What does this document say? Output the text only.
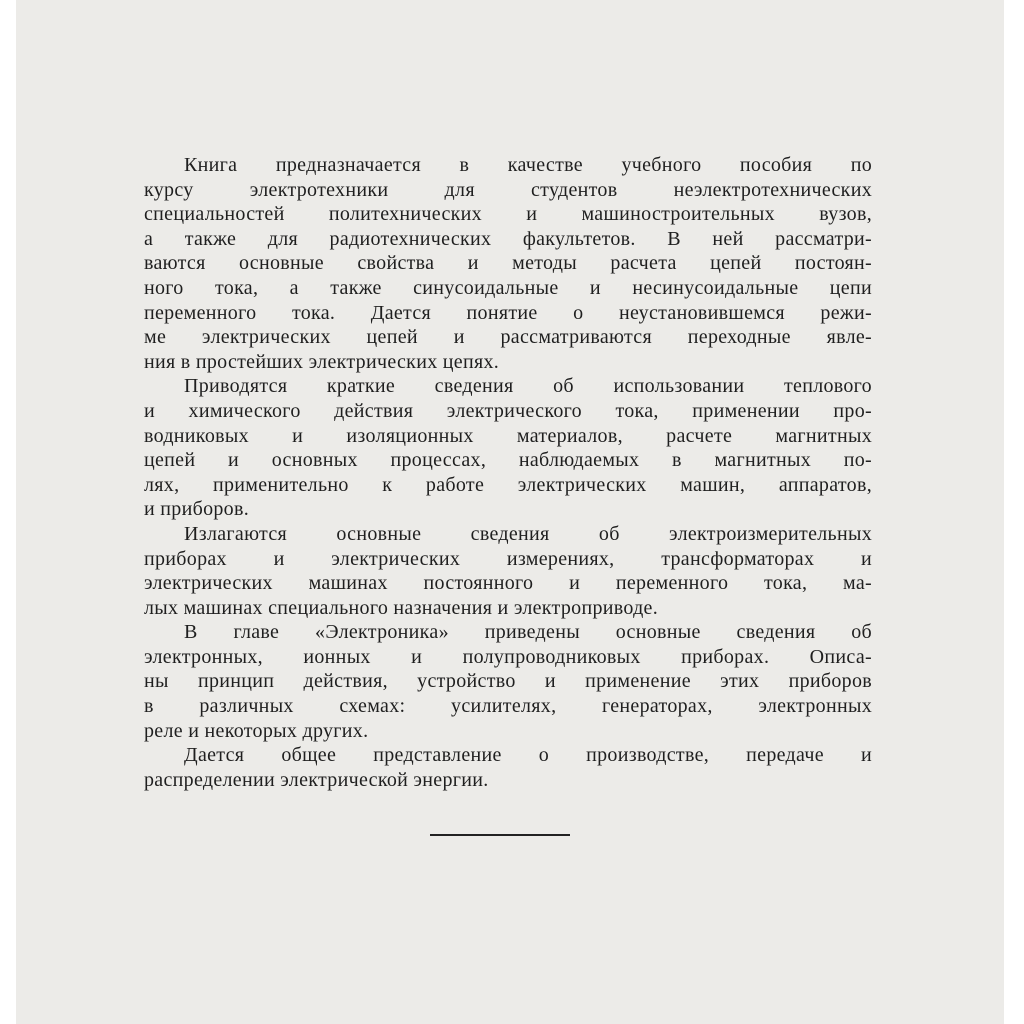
Книга предназначается в качестве учебного пособия по
курсу электротехники для студентов неэлектротехнических
специальностей политехнических и машиностроительных вузов,
а также для радиотехнических факультетов. В ней рассматри-
ваются основные свойства и методы расчета цепей постоян-
ного тока, а также синусоидальные и несинусоидальные цепи
переменного тока. Дается понятие о неустановившемся режи-
ме электрических цепей и рассматриваются переходные явле-
ния в простейших электрических цепях.
Приводятся краткие сведения об использовании теплового
и химического действия электрического тока, применении про-
водниковых и изоляционных материалов, расчете магнитных
цепей и основных процессах, наблюдаемых в магнитных по-
лях, применительно к работе электрических машин, аппаратов,
и приборов.
Излагаются основные сведения об электроизмерительных
приборах и электрических измерениях, трансформаторах и
электрических машинах постоянного и переменного тока, ма-
лых машинах специального назначения и электроприводе.
В главе «Электроника» приведены основные сведения об
электронных, ионных и полупроводниковых приборах. Описа-
ны принцип действия, устройство и применение этих приборов
в различных схемах: усилителях, генераторах, электронных
реле и некоторых других.
Дается общее представление о производстве, передаче и
распределении электрической энергии.
